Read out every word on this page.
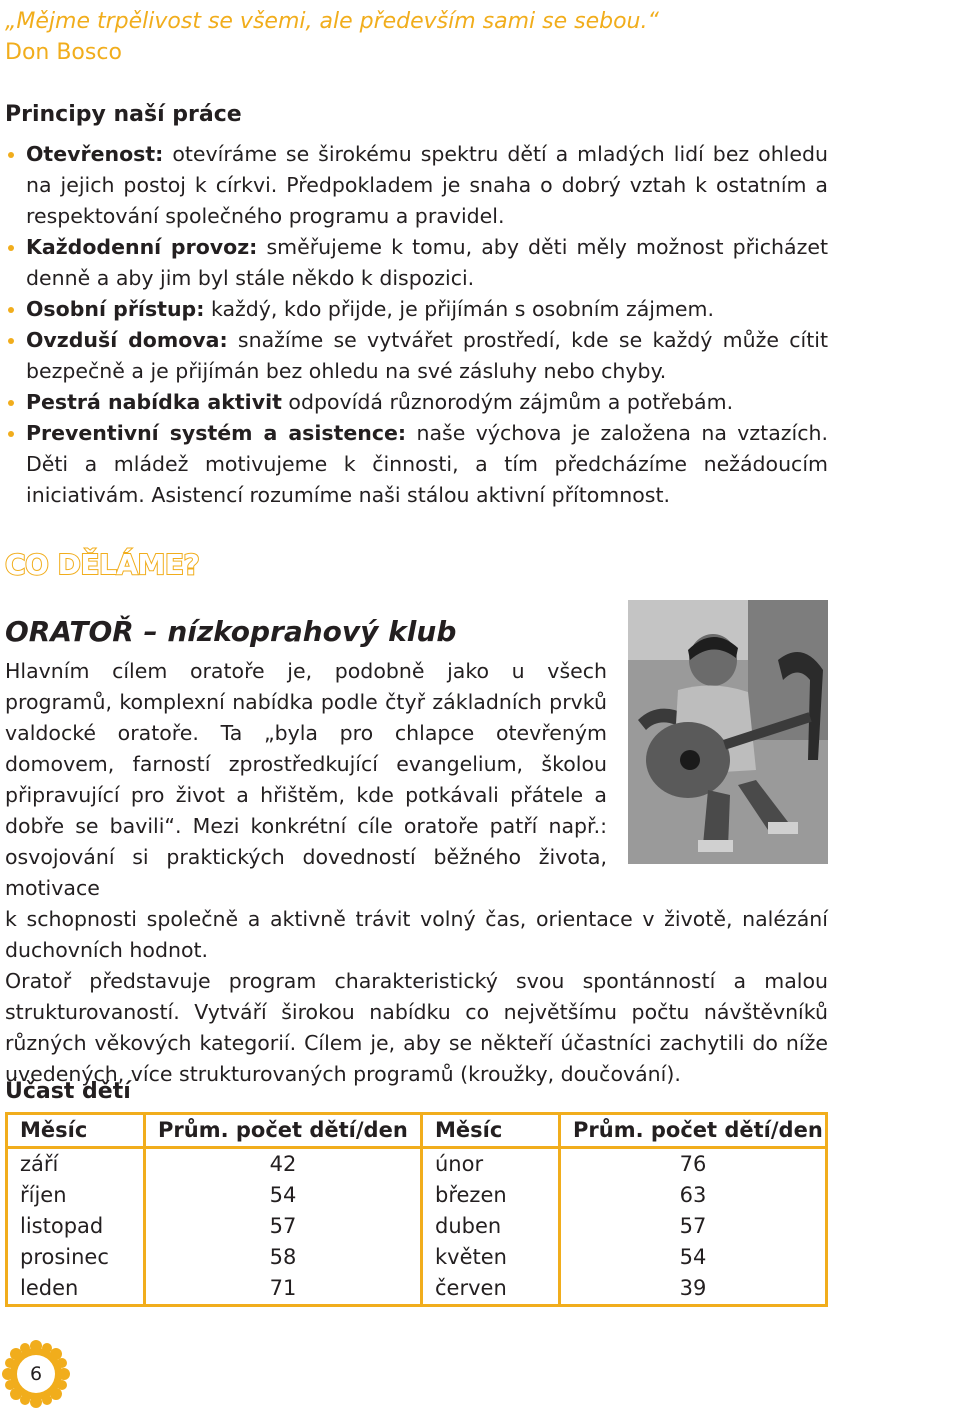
„Mějme trpělivost se všemi, ale především sami se sebou.“
Don Bosco
Principy naší práce
Otevřenost: otevíráme se širokému spektru dětí a mladých lidí bez ohledu na jejich postoj k církvi. Předpokladem je snaha o dobrý vztah k ostatním a respektování společného programu a pravidel.
Každodenní provoz: směřujeme k tomu, aby děti měly možnost přicházet denně a aby jim byl stále někdo k dispozici.
Osobní přístup: každý, kdo přijde, je přijímán s osobním zájmem.
Ovzduší domova: snažíme se vytvářet prostředí, kde se každý může cítit bezpečně a je přijímán bez ohledu na své zásluhy nebo chyby.
Pestrá nabídka aktivit odpovídá různorodým zájmům a potřebám.
Preventivní systém a asistence: naše výchova je založena na vztazích. Děti a mládež motivujeme k činnosti, a tím předcházíme nežádoucím iniciativám. Asistencí rozumíme naši stálou aktivní přítomnost.
CO DĚLÁME?
ORATOŘ – nízkoprahový klub

Hlavním cílem oratoře je, podobně jako u všech programů, komplexní nabídka podle čtyř základních prvků valdocké oratoře. Ta „byla pro chlapce otevřeným domovem, farností zprostředkující evangelium, školou připravující pro život a hřištěm, kde potkávali přátele a dobře se bavili“. Mezi konkrétní cíle oratoře patří např.: osvojování si praktických dovedností běžného života, motivace

k schopnosti společně a aktivně trávit volný čas, orientace v životě, nalézání duchovních hodnot.

Oratoř představuje program charakteristický svou spontánností a malou strukturovaností. Vytváří širokou nabídku co největšímu počtu návštěvníků různých věkových kategorií. Cílem je, aby se někteří účastníci zachytili do níže uvedených, více strukturovaných programů (kroužky, doučování).

Účast dětí
Měsíc	Prům. počet dětí/den	Měsíc	Prům. počet dětí/den
září	42	únor	76
říjen	54	březen	63
listopad	57	duben	57
prosinec	58	květen	54
leden	71	červen	39
6
